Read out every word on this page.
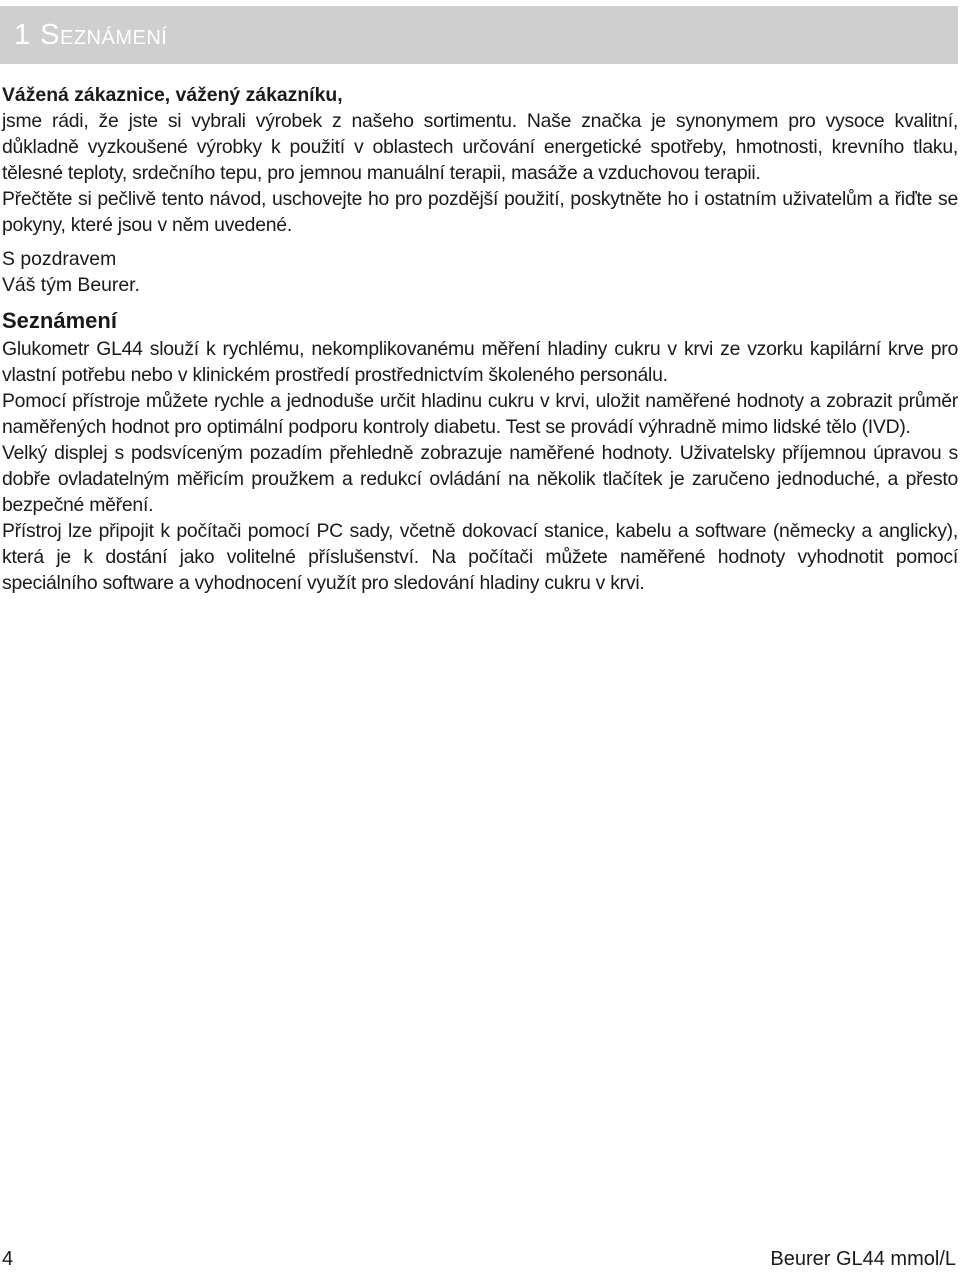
1 Seznámení

Vážená zákaznice, vážený zákazníku,

jsme rádi, že jste si vybrali výrobek z našeho sortimentu. Naše značka je synonymem pro vysoce kvalitní, důkladně vyzkoušené výrobky k použití v oblastech určování energetické spotřeby, hmotnosti, krevního tlaku, tělesné teploty, srdečního tepu, pro jemnou manuální terapii, masáže a vzduchovou terapii.

Přečtěte si pečlivě tento návod, uschovejte ho pro pozdější použití, poskytněte ho i ostatním uživatelům a řiďte se pokyny, které jsou v něm uvedené.

S pozdravem

Váš tým Beurer.

Seznámení

Glukometr GL44 slouží k rychlému, nekomplikovanému měření hladiny cukru v krvi ze vzorku kapilární krve pro vlastní potřebu nebo v klinickém prostředí prostřednictvím školeného personálu.

Pomocí přístroje můžete rychle a jednoduše určit hladinu cukru v krvi, uložit naměřené hodnoty a zobrazit průměr naměřených hodnot pro optimální podporu kontroly diabetu. Test se provádí výhradně mimo lidské tělo (IVD).

Velký displej s podsvíceným pozadím přehledně zobrazuje naměřené hodnoty. Uživatelsky příjemnou úpravou s dobře ovladatelným měřicím proužkem a redukcí ovládání na několik tlačítek je zaručeno jednoduché, a přesto bezpečné měření.

Přístroj lze připojit k počítači pomocí PC sady, včetně dokovací stanice, kabelu a software (německy a anglicky), která je k dostání jako volitelné příslušenství. Na počítači můžete naměřené hodnoty vyhodnotit pomocí speciálního software a vyhodnocení využít pro sledování hladiny cukru v krvi.

4	Beurer GL44 mmol/L
